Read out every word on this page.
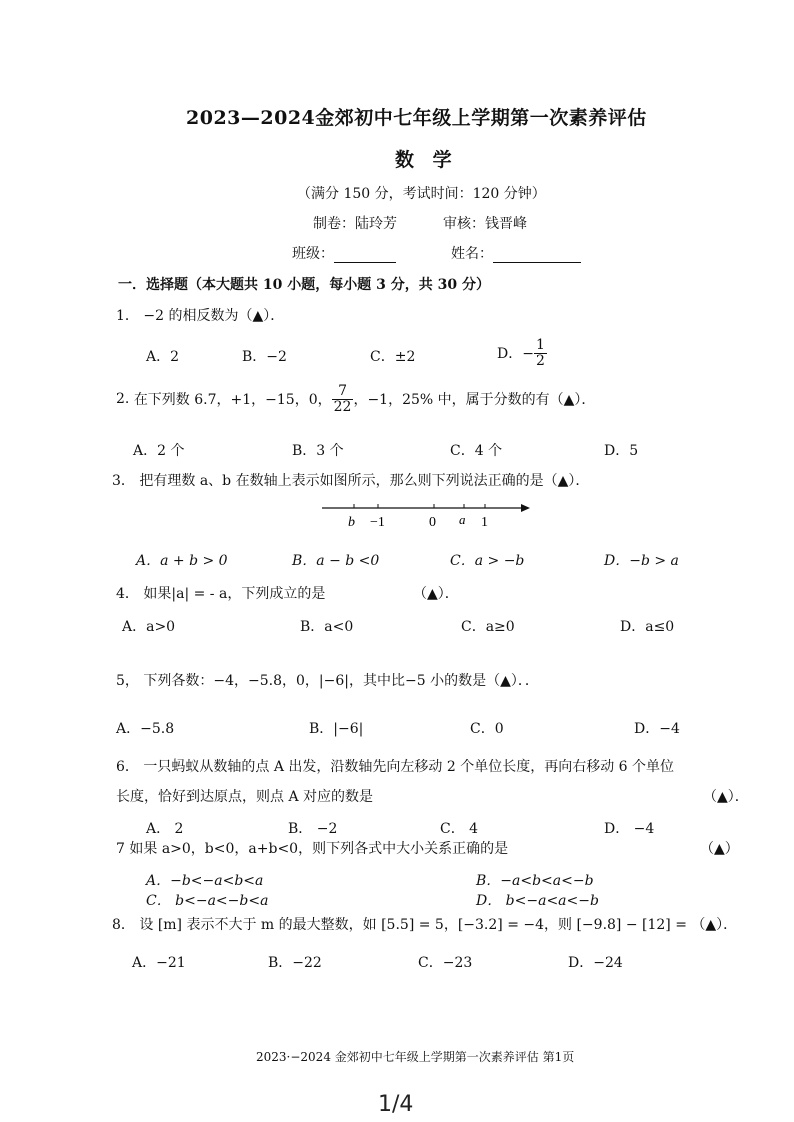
2023—2024金郊初中七年级上学期第一次素养评估
数 学
（满分 150 分，考试时间：120 分钟）
制卷：陆玲芳	审核：钱晋峰
班级：	姓名：
一．选择题（本大题共 10 小题，每小题 3 分，共 30 分）
1． −2 的相反数为（▲）．
A．2	B．−2	C．±2	D．− $\frac{1}{2}$
2. 在下列数 6.7，+1，−15，0， $\frac{7}{22}$ ，−1，25% 中，属于分数的有（▲）．
A．2 个	B．3 个	C．4 个	D．5
3． 把有理数 a、b 在数轴上表示如图所示，那么则下列说法正确的是（▲）．
b −1	0 a 1
A．a + b > 0	B．a − b <0	C．a > −b	D．−b > a
4． 如果|a| = - a，下列成立的是	（▲）．
A．a>0	B．a<0	C．a≥0	D．a≤0
5， 下列各数：−4，−5.8，0，|−6|，其中比−5 小的数是（▲）．．
A．−5.8	B．|−6|	C．0	D．−4
6． 一只蚂蚁从数轴的点 A 出发，沿数轴先向左移动 2 个单位长度，再向右移动 6 个单位
长度，恰好到达原点，则点 A 对应的数是	（▲）．
A． 2	B． −2	C． 4	D． −4
7 如果 a>0，b<0，a+b<0，则下列各式中大小关系正确的是	（▲）
A．−b<−a<b<a	B．−a<b<a<−b
C． b<−a<−b<a	D． b<−a<a<−b
8． 设 [m] 表示不大于 m 的最大整数，如 [5.5] = 5，[−3.2] = −4，则 [−9.8] − [12] = （▲）．
A．−21	B．−22	C．−23	D．−24
2023·−2024 金郊初中七年级上学期第一次素养评估 第1页
1/4
